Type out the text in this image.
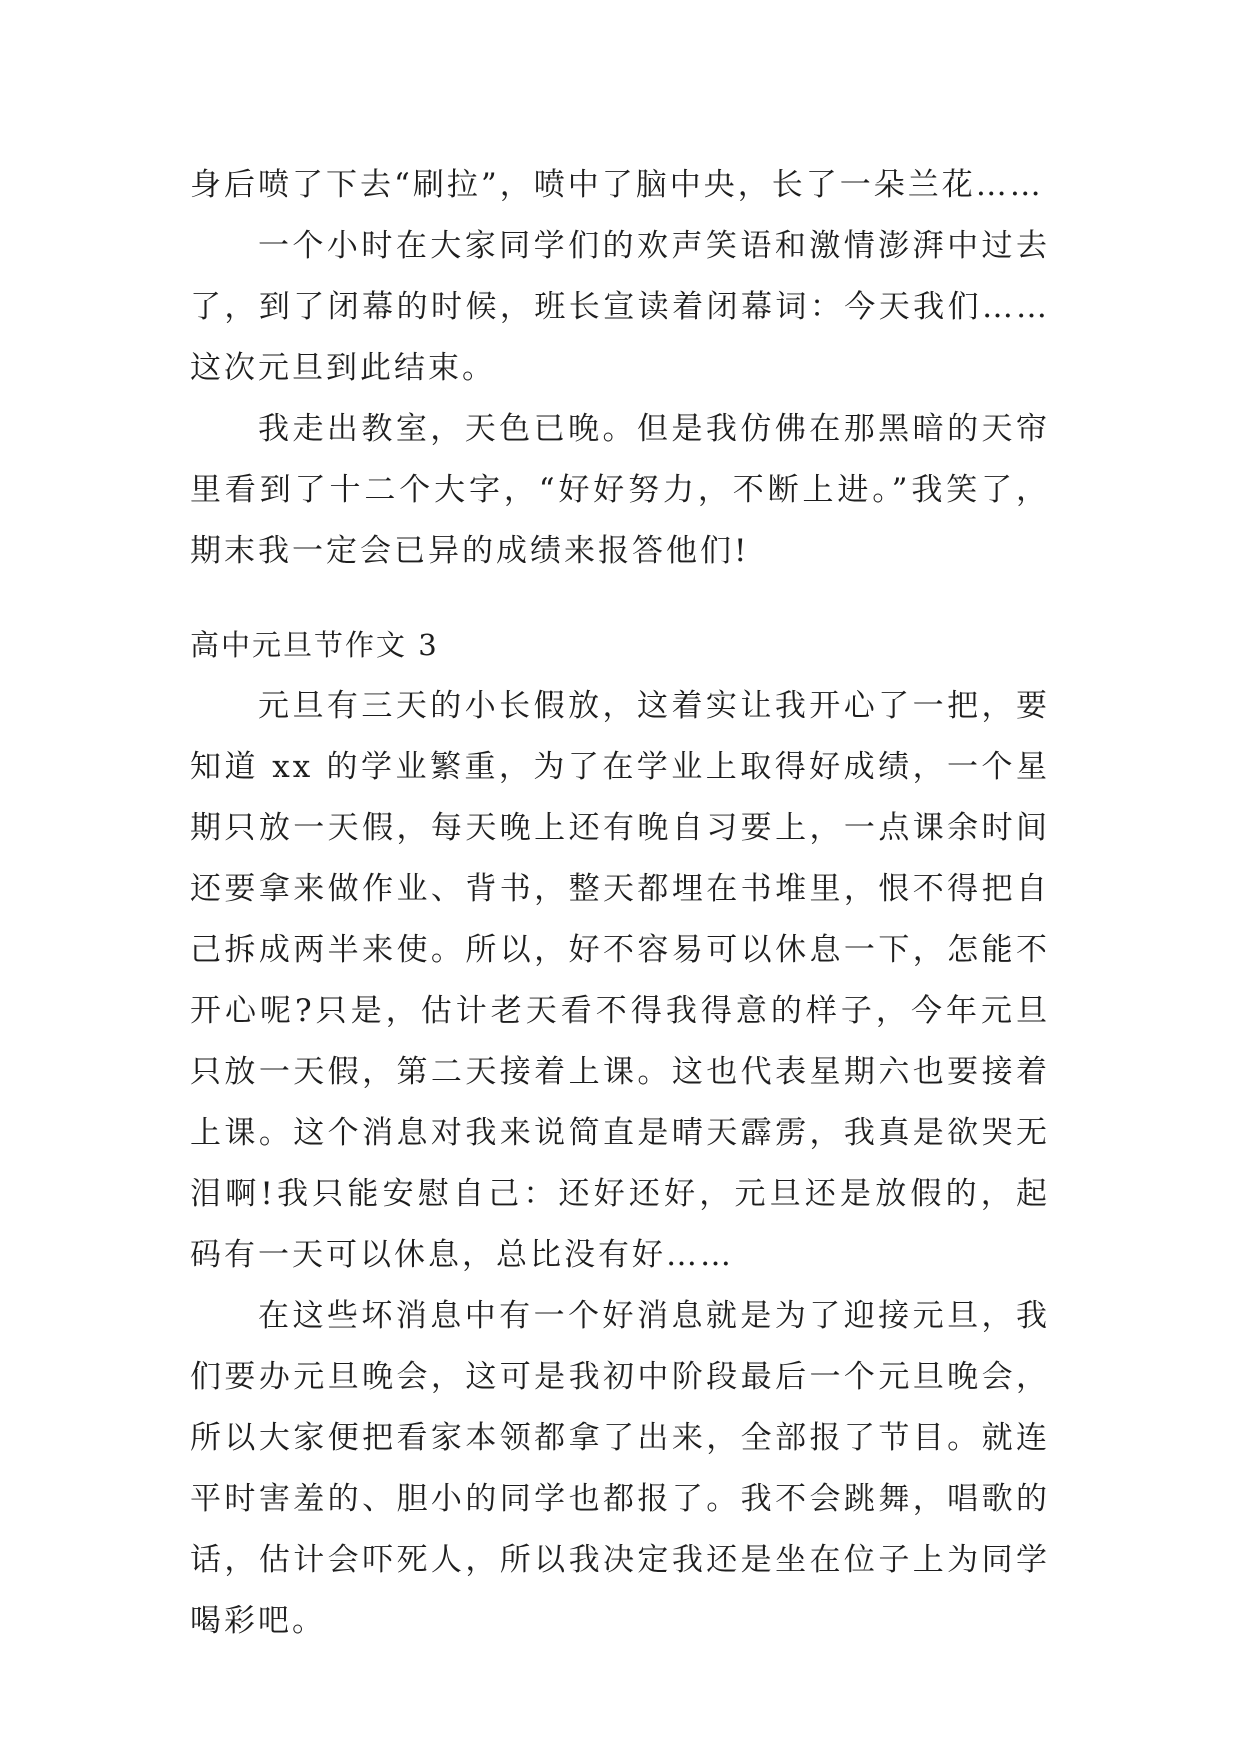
身后喷了下去“刷拉”，喷中了脑中央，长了一朵兰花……

一个小时在大家同学们的欢声笑语和激情澎湃中过去了，到了闭幕的时候，班长宣读着闭幕词：今天我们……这次元旦到此结束。

我走出教室，天色已晚。但是我仿佛在那黑暗的天帘里看到了十二个大字，“好好努力，不断上进。”我笑了，期末我一定会已异的成绩来报答他们!

高中元旦节作文 3

元旦有三天的小长假放，这着实让我开心了一把，要知道 xx 的学业繁重，为了在学业上取得好成绩，一个星期只放一天假，每天晚上还有晚自习要上，一点课余时间还要拿来做作业、背书，整天都埋在书堆里，恨不得把自己拆成两半来使。所以，好不容易可以休息一下，怎能不开心呢?只是，估计老天看不得我得意的样子，今年元旦只放一天假，第二天接着上课。这也代表星期六也要接着上课。这个消息对我来说简直是晴天霹雳，我真是欲哭无泪啊!我只能安慰自己：还好还好，元旦还是放假的，起码有一天可以休息，总比没有好……

在这些坏消息中有一个好消息就是为了迎接元旦，我们要办元旦晚会，这可是我初中阶段最后一个元旦晚会，所以大家便把看家本领都拿了出来，全部报了节目。就连平时害羞的、胆小的同学也都报了。我不会跳舞，唱歌的话，估计会吓死人，所以我决定我还是坐在位子上为同学喝彩吧。
